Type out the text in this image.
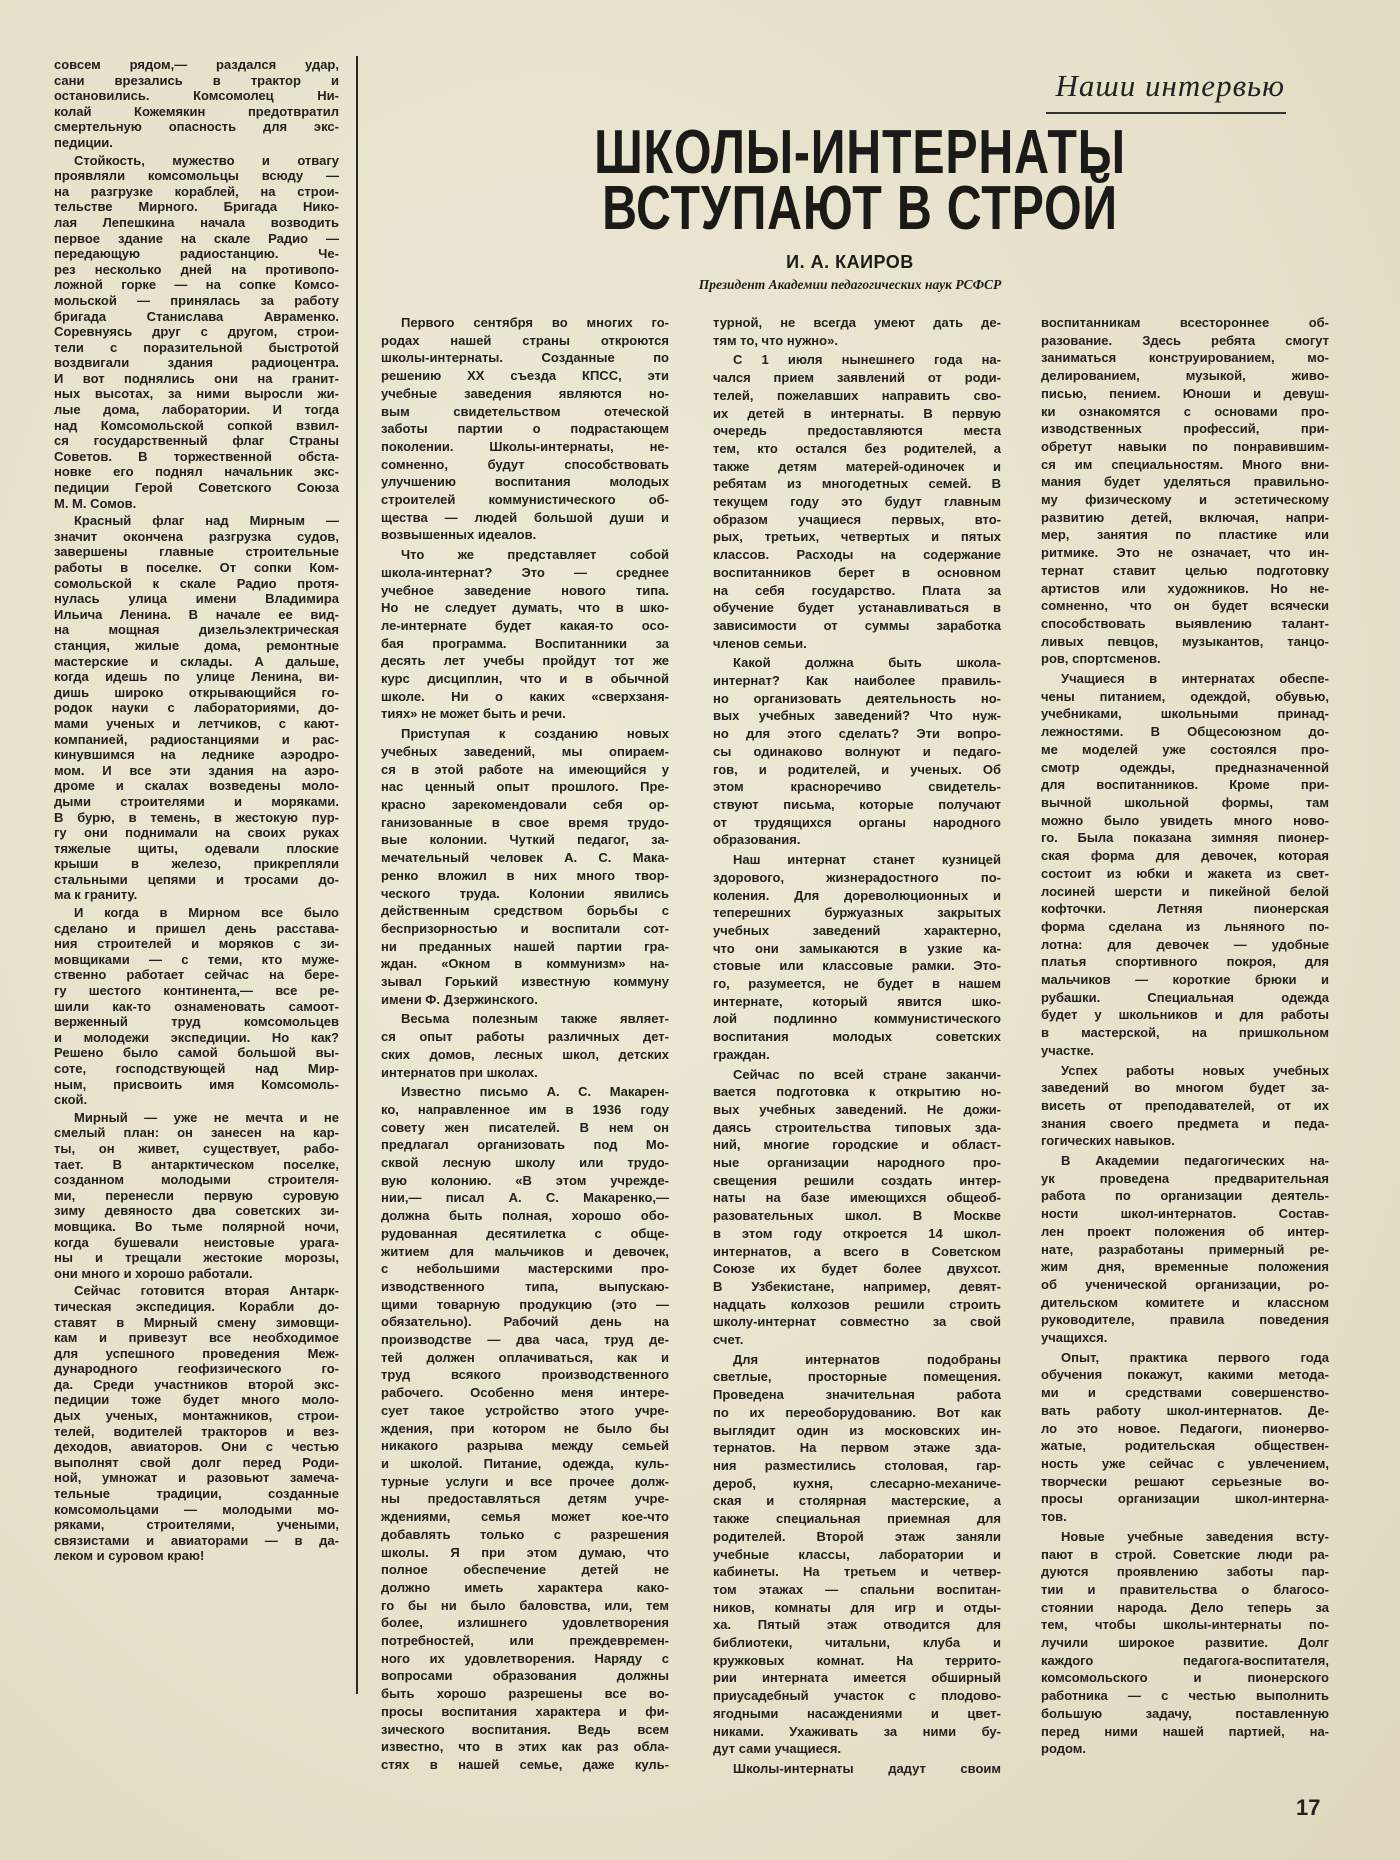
Наши интервью
ШКОЛЫ-ИНТЕРНАТЫ
ВСТУПАЮТ В СТРОЙ
И. А. КАИРОВ
Президент Академии педагогических наук РСФСР
совсем рядом,— раздался удар,
сани врезались в трактор и
остановились. Комсомолец Ни-
колай Кожемякин предотвратил
смертельную опасность для экс-
педиции.
Стойкость, мужество и отвагу
проявляли комсомольцы всюду —
на разгрузке кораблей, на строи-
тельстве Мирного. Бригада Нико-
лая Лепешкина начала возводить
первое здание на скале Радио —
передающую радиостанцию. Че-
рез несколько дней на противопо-
ложной горке — на сопке Комсо-
мольской — принялась за работу
бригада Станислава Авраменко.
Соревнуясь друг с другом, строи-
тели с поразительной быстротой
воздвигали здания радиоцентра.
И вот поднялись они на гранит-
ных высотах, за ними выросли жи-
лые дома, лаборатории. И тогда
над Комсомольской сопкой взвил-
ся государственный флаг Страны
Советов. В торжественной обста-
новке его поднял начальник экс-
педиции Герой Советского Союза
М. М. Сомов.
Красный флаг над Мирным —
значит окончена разгрузка судов,
завершены главные строительные
работы в поселке. От сопки Ком-
сомольской к скале Радио протя-
нулась улица имени Владимира
Ильича Ленина. В начале ее вид-
на мощная дизельэлектрическая
станция, жилые дома, ремонтные
мастерские и склады. А дальше,
когда идешь по улице Ленина, ви-
дишь широко открывающийся го-
родок науки с лабораториями, до-
мами ученых и летчиков, с кают-
компанией, радиостанциями и рас-
кинувшимся на леднике аэродро-
мом. И все эти здания на аэро-
дроме и скалах возведены моло-
дыми строителями и моряками.
В бурю, в темень, в жестокую пур-
гу они поднимали на своих руках
тяжелые щиты, одевали плоские
крыши в железо, прикрепляли
стальными цепями и тросами до-
ма к граниту.
И когда в Мирном все было
сделано и пришел день расстава-
ния строителей и моряков с зи-
мовщиками — с теми, кто муже-
ственно работает сейчас на бере-
гу шестого континента,— все ре-
шили как-то ознаменовать самоот-
верженный труд комсомольцев
и молодежи экспедиции. Но как?
Решено было самой большой вы-
соте, господствующей над Мир-
ным, присвоить имя Комсомоль-
ской.
Мирный — уже не мечта и не
смелый план: он занесен на кар-
ты, он живет, существует, рабо-
тает. В антарктическом поселке,
созданном молодыми строителя-
ми, перенесли первую суровую
зиму девяносто два советских зи-
мовщика. Во тьме полярной ночи,
когда бушевали неистовые урага-
ны и трещали жестокие морозы,
они много и хорошо работали.
Сейчас готовится вторая Антарк-
тическая экспедиция. Корабли до-
ставят в Мирный смену зимовщи-
кам и привезут все необходимое
для успешного проведения Меж-
дународного геофизического го-
да. Среди участников второй экс-
педиции тоже будет много моло-
дых ученых, монтажников, строи-
телей, водителей тракторов и вез-
деходов, авиаторов. Они с честью
выполнят свой долг перед Роди-
ной, умножат и разовьют замеча-
тельные традиции, созданные
комсомольцами — молодыми мо-
ряками, строителями, учеными,
связистами и авиаторами — в да-
леком и суровом краю!
Первого сентября во многих го-
родах нашей страны откроются
школы-интернаты. Созданные по
решению XX съезда КПСС, эти
учебные заведения являются но-
вым свидетельством отеческой
заботы партии о подрастающем
поколении. Школы-интернаты, не-
сомненно, будут способствовать
улучшению воспитания молодых
строителей коммунистического об-
щества — людей большой души и
возвышенных идеалов.
Что же представляет собой
школа-интернат? Это — среднее
учебное заведение нового типа.
Но не следует думать, что в шко-
ле-интернате будет какая-то осо-
бая программа. Воспитанники за
десять лет учебы пройдут тот же
курс дисциплин, что и в обычной
школе. Ни о каких «сверхзаня-
тиях» не может быть и речи.
Приступая к созданию новых
учебных заведений, мы опираем-
ся в этой работе на имеющийся у
нас ценный опыт прошлого. Пре-
красно зарекомендовали себя ор-
ганизованные в свое время трудо-
вые колонии. Чуткий педагог, за-
мечательный человек А. С. Мака-
ренко вложил в них много твор-
ческого труда. Колонии явились
действенным средством борьбы с
беспризорностью и воспитали сот-
ни преданных нашей партии гра-
ждан. «Окном в коммунизм» на-
зывал Горький известную коммуну
имени Ф. Дзержинского.
Весьма полезным также являет-
ся опыт работы различных дет-
ских домов, лесных школ, детских
интернатов при школах.
Известно письмо А. С. Макарен-
ко, направленное им в 1936 году
совету жен писателей. В нем он
предлагал организовать под Мо-
сквой лесную школу или трудо-
вую колонию. «В этом учрежде-
нии,— писал А. С. Макаренко,—
должна быть полная, хорошо обо-
рудованная десятилетка с обще-
житием для мальчиков и девочек,
с небольшими мастерскими про-
изводственного типа, выпускаю-
щими товарную продукцию (это —
обязательно). Рабочий день на
производстве — два часа, труд де-
тей должен оплачиваться, как и
труд всякого производственного
рабочего. Особенно меня интере-
сует такое устройство этого учре-
ждения, при котором не было бы
никакого разрыва между семьей
и школой. Питание, одежда, куль-
турные услуги и все прочее долж-
ны предоставляться детям учре-
ждениями, семья может кое-что
добавлять только с разрешения
школы. Я при этом думаю, что
полное обеспечение детей не
должно иметь характера како-
го бы ни было баловства, или, тем
более, излишнего удовлетворения
потребностей, или преждевремен-
ного их удовлетворения. Наряду с
вопросами образования должны
быть хорошо разрешены все во-
просы воспитания характера и фи-
зического воспитания. Ведь всем
известно, что в этих как раз обла-
стях в нашей семье, даже куль-
турной, не всегда умеют дать де-
тям то, что нужно».
С 1 июля нынешнего года на-
чался прием заявлений от роди-
телей, пожелавших направить сво-
их детей в интернаты. В первую
очередь предоставляются места
тем, кто остался без родителей, а
также детям матерей-одиночек и
ребятам из многодетных семей. В
текущем году это будут главным
образом учащиеся первых, вто-
рых, третьих, четвертых и пятых
классов. Расходы на содержание
воспитанников берет в основном
на себя государство. Плата за
обучение будет устанавливаться в
зависимости от суммы заработка
членов семьи.
Какой должна быть школа-
интернат? Как наиболее правиль-
но организовать деятельность но-
вых учебных заведений? Что нуж-
но для этого сделать? Эти вопро-
сы одинаково волнуют и педаго-
гов, и родителей, и ученых. Об
этом красноречиво свидетель-
ствуют письма, которые получают
от трудящихся органы народного
образования.
Наш интернат станет кузницей
здорового, жизнерадостного по-
коления. Для дореволюционных и
теперешних буржуазных закрытых
учебных заведений характерно,
что они замыкаются в узкие ка-
стовые или классовые рамки. Это-
го, разумеется, не будет в нашем
интернате, который явится шко-
лой подлинно коммунистического
воспитания молодых советских
граждан.
Сейчас по всей стране заканчи-
вается подготовка к открытию но-
вых учебных заведений. Не дожи-
даясь строительства типовых зда-
ний, многие городские и област-
ные организации народного про-
свещения решили создать интер-
наты на базе имеющихся общеоб-
разовательных школ. В Москве
в этом году откроется 14 школ-
интернатов, а всего в Советском
Союзе их будет более двухсот.
В Узбекистане, например, девят-
надцать колхозов решили строить
школу-интернат совместно за свой
счет.
Для интернатов подобраны
светлые, просторные помещения.
Проведена значительная работа
по их переоборудованию. Вот как
выглядит один из московских ин-
тернатов. На первом этаже зда-
ния разместились столовая, гар-
дероб, кухня, слесарно-механиче-
ская и столярная мастерские, а
также специальная приемная для
родителей. Второй этаж заняли
учебные классы, лаборатории и
кабинеты. На третьем и четвер-
том этажах — спальни воспитан-
ников, комнаты для игр и отды-
ха. Пятый этаж отводится для
библиотеки, читальни, клуба и
кружковых комнат. На террито-
рии интерната имеется обширный
приусадебный участок с плодово-
ягодными насаждениями и цвет-
никами. Ухаживать за ними бу-
дут сами учащиеся.
Школы-интернаты дадут своим
воспитанникам всестороннее об-
разование. Здесь ребята смогут
заниматься конструированием, мо-
делированием, музыкой, живо-
писью, пением. Юноши и девуш-
ки ознакомятся с основами про-
изводственных профессий, при-
обретут навыки по понравившим-
ся им специальностям. Много вни-
мания будет уделяться правильно-
му физическому и эстетическому
развитию детей, включая, напри-
мер, занятия по пластике или
ритмике. Это не означает, что ин-
тернат ставит целью подготовку
артистов или художников. Но не-
сомненно, что он будет всячески
способствовать выявлению талант-
ливых певцов, музыкантов, танцо-
ров, спортсменов.
Учащиеся в интернатах обеспе-
чены питанием, одеждой, обувью,
учебниками, школьными принад-
лежностями. В Общесоюзном до-
ме моделей уже состоялся про-
смотр одежды, предназначенной
для воспитанников. Кроме при-
вычной школьной формы, там
можно было увидеть много ново-
го. Была показана зимняя пионер-
ская форма для девочек, которая
состоит из юбки и жакета из свет-
лосиней шерсти и пикейной белой
кофточки. Летняя пионерская
форма сделана из льняного по-
лотна: для девочек — удобные
платья спортивного покроя, для
мальчиков — короткие брюки и
рубашки. Специальная одежда
будет у школьников и для работы
в мастерской, на пришкольном
участке.
Успех работы новых учебных
заведений во многом будет за-
висеть от преподавателей, от их
знания своего предмета и педа-
гогических навыков.
В Академии педагогических на-
ук проведена предварительная
работа по организации деятель-
ности школ-интернатов. Состав-
лен проект положения об интер-
нате, разработаны примерный ре-
жим дня, временные положения
об ученической организации, ро-
дительском комитете и классном
руководителе, правила поведения
учащихся.
Опыт, практика первого года
обучения покажут, какими метода-
ми и средствами совершенство-
вать работу школ-интернатов. Де-
ло это новое. Педагоги, пионерво-
жатые, родительская обществен-
ность уже сейчас с увлечением,
творчески решают серьезные во-
просы организации школ-интерна-
тов.
Новые учебные заведения всту-
пают в строй. Советские люди ра-
дуются проявлению заботы пар-
тии и правительства о благосо-
стоянии народа. Дело теперь за
тем, чтобы школы-интернаты по-
лучили широкое развитие. Долг
каждого педагога-воспитателя,
комсомольского и пионерского
работника — с честью выполнить
большую задачу, поставленную
перед ними нашей партией, на-
родом.
17
